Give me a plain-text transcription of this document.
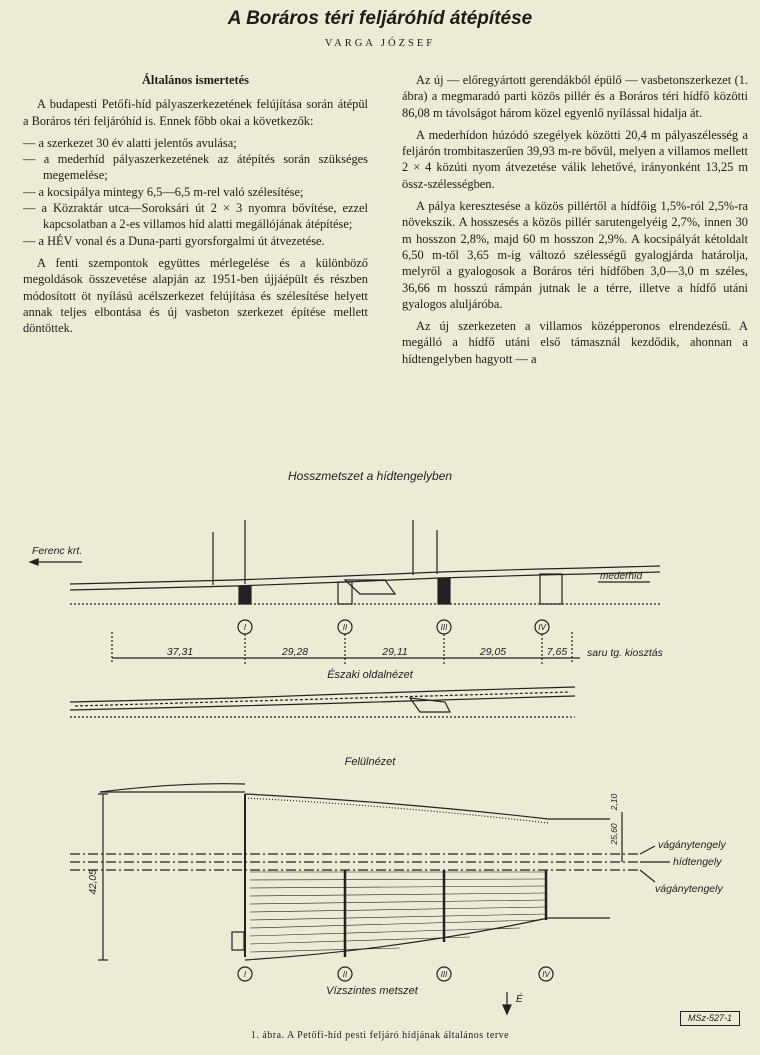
A Boráros téri feljáróhíd átépítése
VARGA JÓZSEF
Általános ismertetés

A budapesti Petőfi-híd pályaszerkezetének felújítása során átépül a Boráros téri feljáróhíd is. Ennek főbb okai a következők:

— a szerkezet 30 év alatti jelentős avulása;
— a mederhíd pályaszerkezetének az átépítés során szükséges megemelése;
— a kocsipálya mintegy 6,5—6,5 m-rel való szélesítése;
— a Közraktár utca—Soroksári út 2 × 3 nyomra bővítése, ezzel kapcsolatban a 2-es villamos híd alatti megállójának átépítése;
— a HÉV vonal és a Duna-parti gyorsforgalmi út átvezetése.

A fenti szempontok együttes mérlegelése és a különböző megoldások összevetése alapján az 1951-ben újjáépült és részben módosított öt nyílású acélszerkezet felújítása és szélesítése helyett annak teljes elbontása és új vasbeton szerkezet építése mellett döntöttek.

Az új — előregyártott gerendákból épülő — vasbetonszerkezet (1. ábra) a megmaradó parti közös pillér és a Boráros téri hídfő közötti 86,08 m távolságot három közel egyenlő nyílással hidalja át.

A mederhídon húzódó szegélyek közötti 20,4 m pályaszélesség a feljárón trombitaszerűen 39,93 m-re bővül, melyen a villamos mellett 2 × 4 közúti nyom átvezetése válik lehetővé, irányonként 13,25 m össz-szélességben.

A pálya keresztesése a közös pillértől a hídfőig 1,5%-ról 2,5%-ra növekszik. A hosszesés a közös pillér sarutengelyéig 2,7%, innen 30 m hosszon 2,8%, majd 60 m hosszon 2,9%. A kocsipályát kétoldalt 6,50 m-től 3,65 m-ig változó szélességű gyalogjárda határolja, melyről a gyalogosok a Boráros téri hídfőben 3,0—3,0 m széles, 36,66 m hosszú rámpán jutnak le a térre, illetve a hídfő utáni gyalogos aluljáróba.

Az új szerkezeten a villamos középperonos elrendezésű. A megálló a hídfő utáni első támasznál kezdődik, ahonnan a hídtengelyben hagyott — a

Hosszmetszet a hídtengelyben
Ferenc krt.
mederhíd
I	II	III	IV
37,31	29,28	29,11	29,05	7,65 saru tg. kiosztás
Északi oldalnézet
Felülnézet
vágánytengely
hídtengely
vágánytengely
42,05
25,60
2,10
I	II	III	IV
Vízszintes metszet
É
MSz-527-1
1. ábra. A Petőfi-híd pesti feljáró hídjának általános terve
